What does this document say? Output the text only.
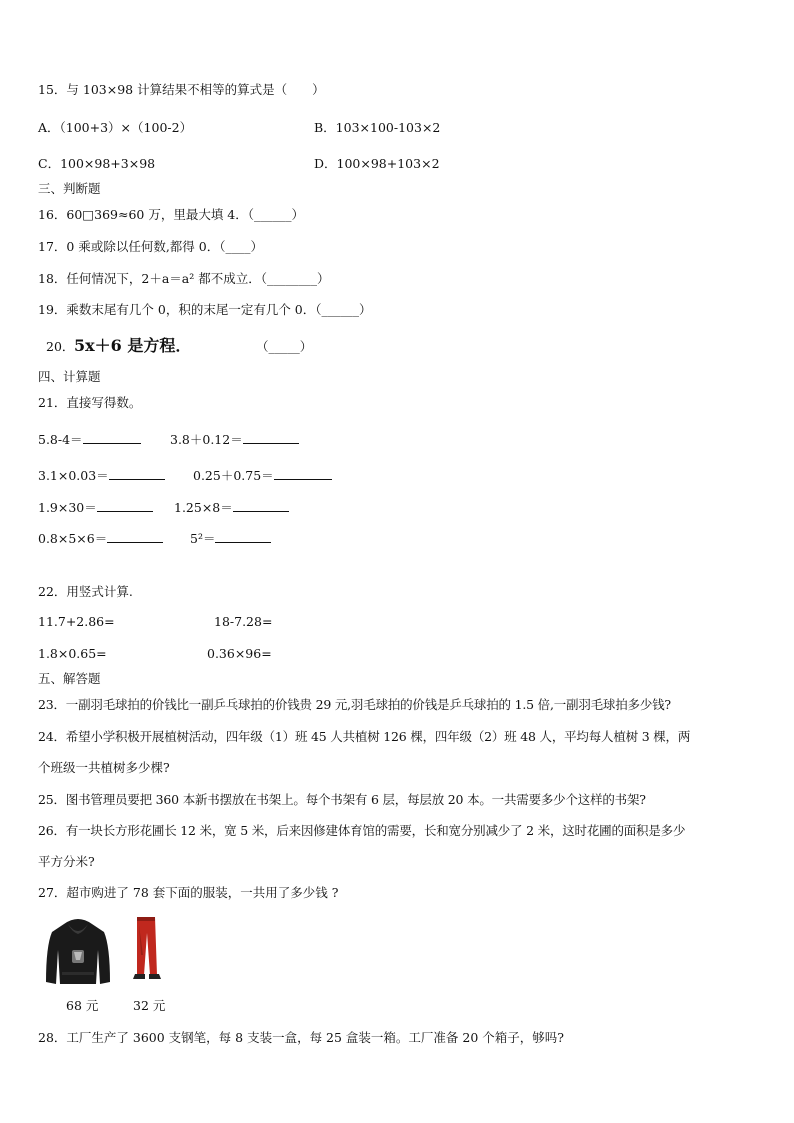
15．与 103×98 计算结果不相等的算式是（　　）
A．（100+3）×（100-2）	B．103×100-103×2
C．100×98+3×98	D．100×98+103×2
三、判断题
16．60□369≈60 万，里最大填 4．（______）
17．0 乘或除以任何数,都得 0．（____）
18．任何情况下，2＋a＝a² 都不成立．（________）
19．乘数末尾有几个 0，积的末尾一定有几个 0．（______）
20． 5x＋6 是方程．	（_____）
四、计算题
21．直接写得数。
5.8-4＝	3.8＋0.12＝
3.1×0.03＝	0.25＋0.75＝
1.9×30＝	1.25×8＝
0.8×5×6＝	5²＝
22．用竖式计算.
11.7+2.86=	18-7.28=
1.8×0.65=	0.36×96=
五、解答题
23．一副羽毛球拍的价钱比一副乒乓球拍的价钱贵 29 元,羽毛球拍的价钱是乒乓球拍的 1.5 倍,一副羽毛球拍多少钱?
24．希望小学积极开展植树活动，四年级（1）班 45 人共植树 126 棵，四年级（2）班 48 人，平均每人植树 3 棵，两
个班级一共植树多少棵?
25．图书管理员要把 360 本新书摆放在书架上。每个书架有 6 层，每层放 20 本。一共需要多少个这样的书架?
26．有一块长方形花圃长 12 米，宽 5 米，后来因修建体育馆的需要，长和宽分别减少了 2 米，这时花圃的面积是多少
平方分米?
27．超市购进了 78 套下面的服装，一共用了多少钱 ?
68 元	32 元
28．工厂生产了 3600 支钢笔，每 8 支装一盒，每 25 盒装一箱。工厂准备 20 个箱子，够吗?
